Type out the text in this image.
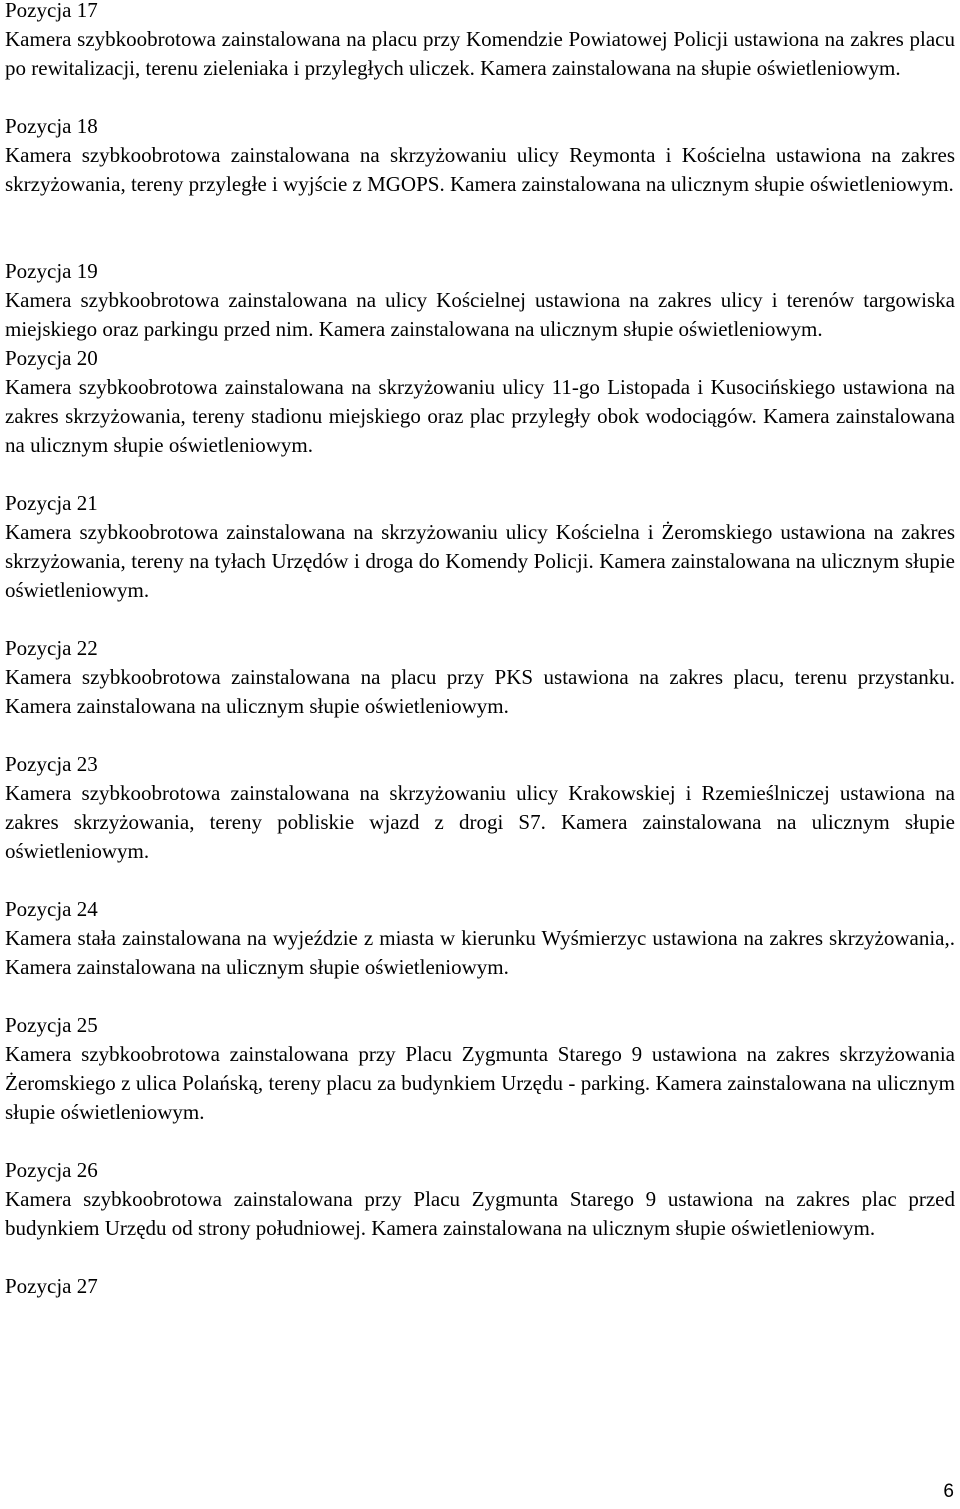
Pozycja 17

Kamera szybkoobrotowa zainstalowana na placu przy Komendzie Powiatowej Policji ustawiona na zakres placu po rewitalizacji, terenu zieleniaka i przyległych uliczek. Kamera zainstalowana na słupie oświetleniowym.

Pozycja 18

Kamera szybkoobrotowa zainstalowana na skrzyżowaniu ulicy Reymonta i Kościelna ustawiona na zakres skrzyżowania, tereny przyległe i wyjście z MGOPS. Kamera zainstalowana na ulicznym słupie oświetleniowym.

Pozycja 19

Kamera szybkoobrotowa zainstalowana na ulicy Kościelnej ustawiona na zakres ulicy i terenów targowiska miejskiego oraz parkingu przed nim. Kamera zainstalowana na ulicznym słupie oświetleniowym.

Pozycja 20

Kamera szybkoobrotowa zainstalowana na skrzyżowaniu ulicy 11-go Listopada i Kusocińskiego ustawiona na zakres skrzyżowania, tereny stadionu miejskiego oraz plac przyległy obok wodociągów. Kamera zainstalowana na ulicznym słupie oświetleniowym.

Pozycja 21

Kamera szybkoobrotowa zainstalowana na skrzyżowaniu ulicy Kościelna i Żeromskiego ustawiona na zakres skrzyżowania, tereny na tyłach Urzędów i droga do Komendy Policji. Kamera zainstalowana na ulicznym słupie oświetleniowym.

Pozycja 22

Kamera szybkoobrotowa zainstalowana na placu przy PKS ustawiona na zakres placu, terenu przystanku. Kamera zainstalowana na ulicznym słupie oświetleniowym.

Pozycja 23

Kamera szybkoobrotowa zainstalowana na skrzyżowaniu ulicy Krakowskiej i Rzemieślniczej ustawiona na zakres skrzyżowania, tereny pobliskie wjazd z drogi S7. Kamera zainstalowana na ulicznym słupie oświetleniowym.

Pozycja 24

Kamera stała zainstalowana na wyjeździe z miasta w kierunku Wyśmierzyc ustawiona na zakres skrzyżowania,. Kamera zainstalowana na ulicznym słupie oświetleniowym.

Pozycja 25

Kamera szybkoobrotowa zainstalowana przy Placu Zygmunta Starego 9 ustawiona na zakres skrzyżowania Żeromskiego z ulica Polańską, tereny placu za budynkiem Urzędu - parking. Kamera zainstalowana na ulicznym słupie oświetleniowym.

Pozycja 26

Kamera szybkoobrotowa zainstalowana przy Placu Zygmunta Starego 9 ustawiona na zakres plac przed budynkiem Urzędu od strony południowej. Kamera zainstalowana na ulicznym słupie oświetleniowym.

Pozycja 27

6
